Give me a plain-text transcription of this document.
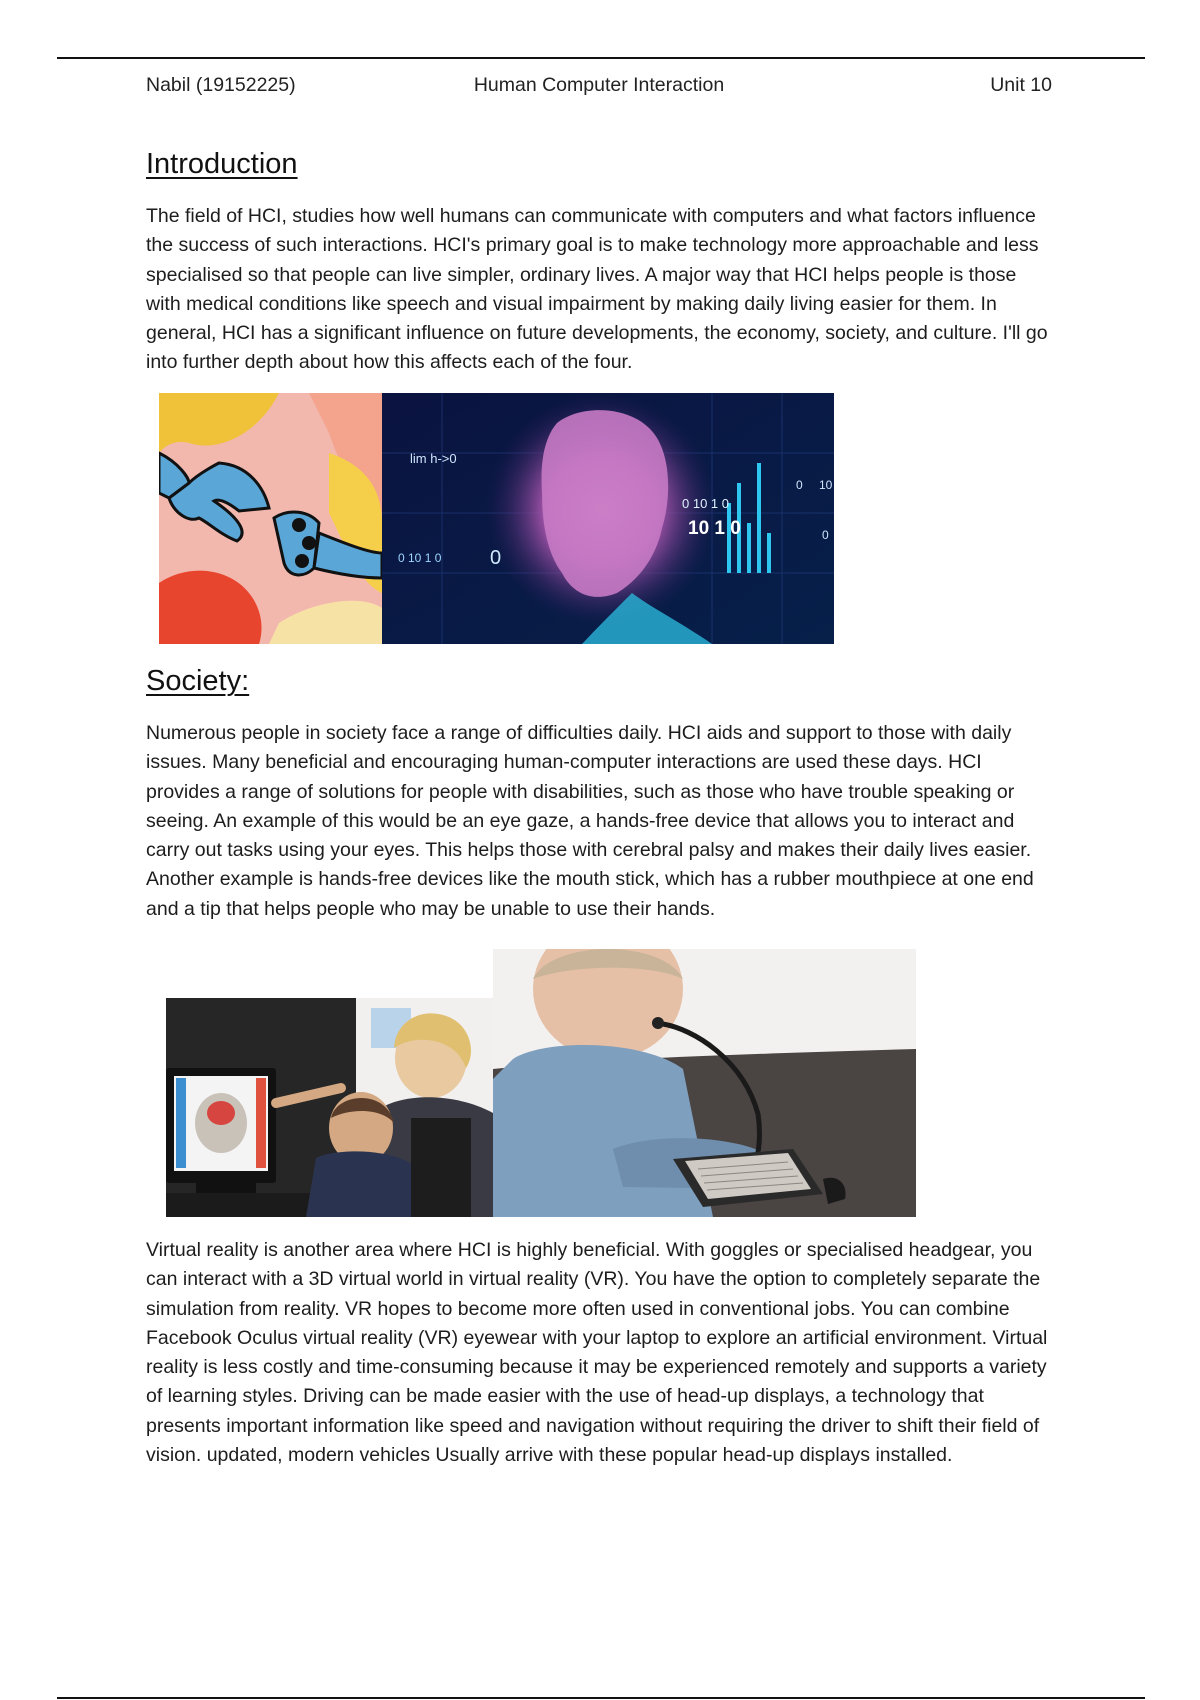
Nabil (19152225)	Human Computer Interaction	Unit 10
Introduction

The field of HCI, studies how well humans can communicate with computers and what factors influence the success of such interactions. HCI's primary goal is to make technology more approachable and less specialised so that people can live simpler, ordinary lives. A major way that HCI helps people is those with medical conditions like speech and visual impairment by making daily living easier for them. In general, HCI has a significant influence on future developments, the economy, society, and culture. I'll go into further depth about how this affects each of the four.

lim h->0
0 10 1 0
10 1 0
0 10 1 0 0
0 10
0
Society:

Numerous people in society face a range of difficulties daily. HCI aids and support to those with daily issues. Many beneficial and encouraging human-computer interactions are used these days. HCI provides a range of solutions for people with disabilities, such as those who have trouble speaking or seeing. An example of this would be an eye gaze, a hands-free device that allows you to interact and carry out tasks using your eyes. This helps those with cerebral palsy and makes their daily lives easier. Another example is hands-free devices like the mouth stick, which has a rubber mouthpiece at one end and a tip that helps people who may be unable to use their hands.

Virtual reality is another area where HCI is highly beneficial. With goggles or specialised headgear, you can interact with a 3D virtual world in virtual reality (VR). You have the option to completely separate the simulation from reality. VR hopes to become more often used in conventional jobs. You can combine Facebook Oculus virtual reality (VR) eyewear with your laptop to explore an artificial environment. Virtual reality is less costly and time-consuming because it may be experienced remotely and supports a variety of learning styles. Driving can be made easier with the use of head-up displays, a technology that presents important information like speed and navigation without requiring the driver to shift their field of vision. updated, modern vehicles Usually arrive with these popular head-up displays installed.
